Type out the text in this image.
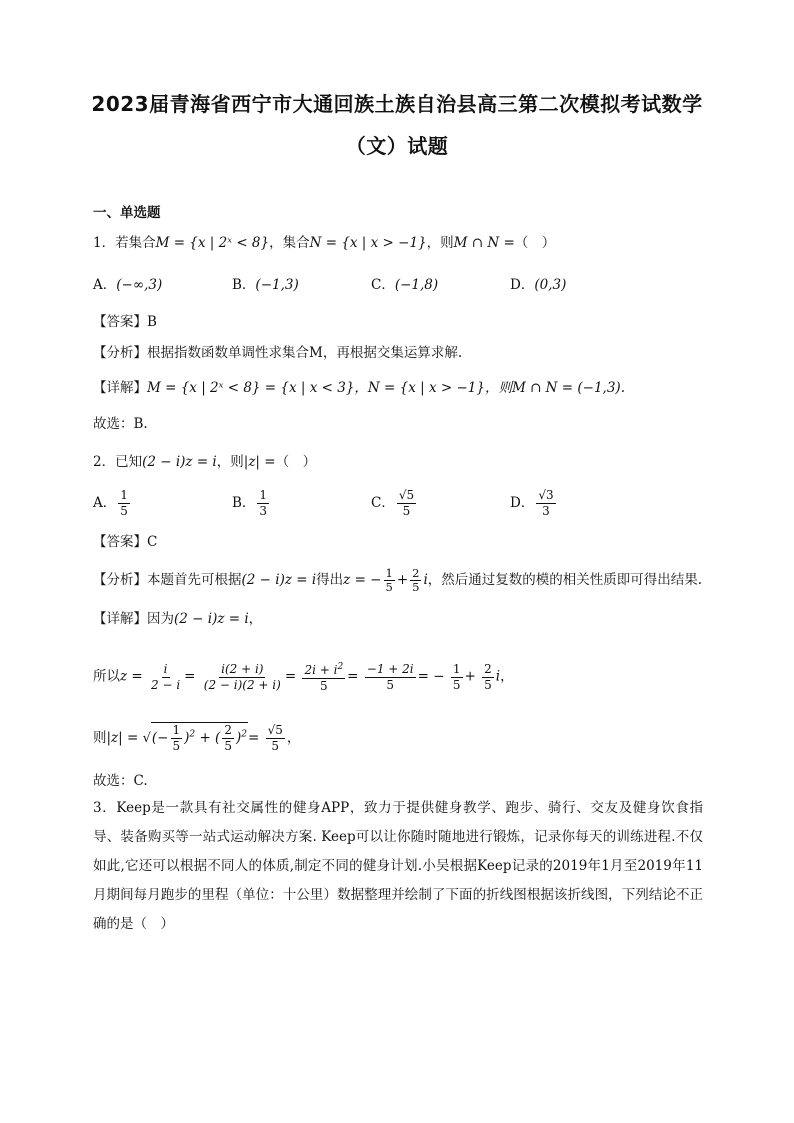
2023届青海省西宁市大通回族土族自治县高三第二次模拟考试数学
（文）试题
一、单选题
1．若集合M = {x | 2ˣ < 8}，集合N = {x | x > −1}，则M ∩ N =（　）
A．(−∞,3)	B．(−1,3)	C．(−1,8)	D．(0,3)
【答案】B
【分析】根据指数函数单调性求集合M，再根据交集运算求解.
【详解】M = {x | 2ˣ < 8} = {x | x < 3}，N = {x | x > −1}，则M ∩ N = (−1,3).
故选：B.
2．已知(2 − i)z = i，则|z| =（　）
A． $\frac{1}{5}$	B． $\frac{1}{3}$	C． $\frac{√5}{5}$	D． $\frac{√3}{3}$
【答案】C
【分析】本题首先可根据(2 − i)z = i得出z = − $\frac{1}{5} + \frac{2}{5}$ i，然后通过复数的模的相关性质即可得出结果.
【详解】因为(2 − i)z = i，
所以$z = \frac{i}{2 - i} = \frac{i(2 + i)}{(2 - i)(2 + i)} = \frac{2i + i^2}{5} = \frac{-1 + 2i}{5}$ = − $\frac{1}{5} + \frac{2}{5}$ i，
则|z| = √(− $\frac{1}{5} )^2$ + ( $\frac{2}{5} )^2= \frac{√5}{5}$ ，
故选：C.
3．Keep是一款具有社交属性的健身APP，致力于提供健身教学、跑步、骑行、交友及健身饮食指导、装备购买等一站式运动解决方案. Keep可以让你随时随地进行锻炼，记录你每天的训练进程.不仅如此,它还可以根据不同人的体质,制定不同的健身计划.小吴根据Keep记录的2019年1月至2019年11月期间每月跑步的里程（单位：十公里）数据整理并绘制了下面的折线图根据该折线图，下列结论不正确的是（　）
